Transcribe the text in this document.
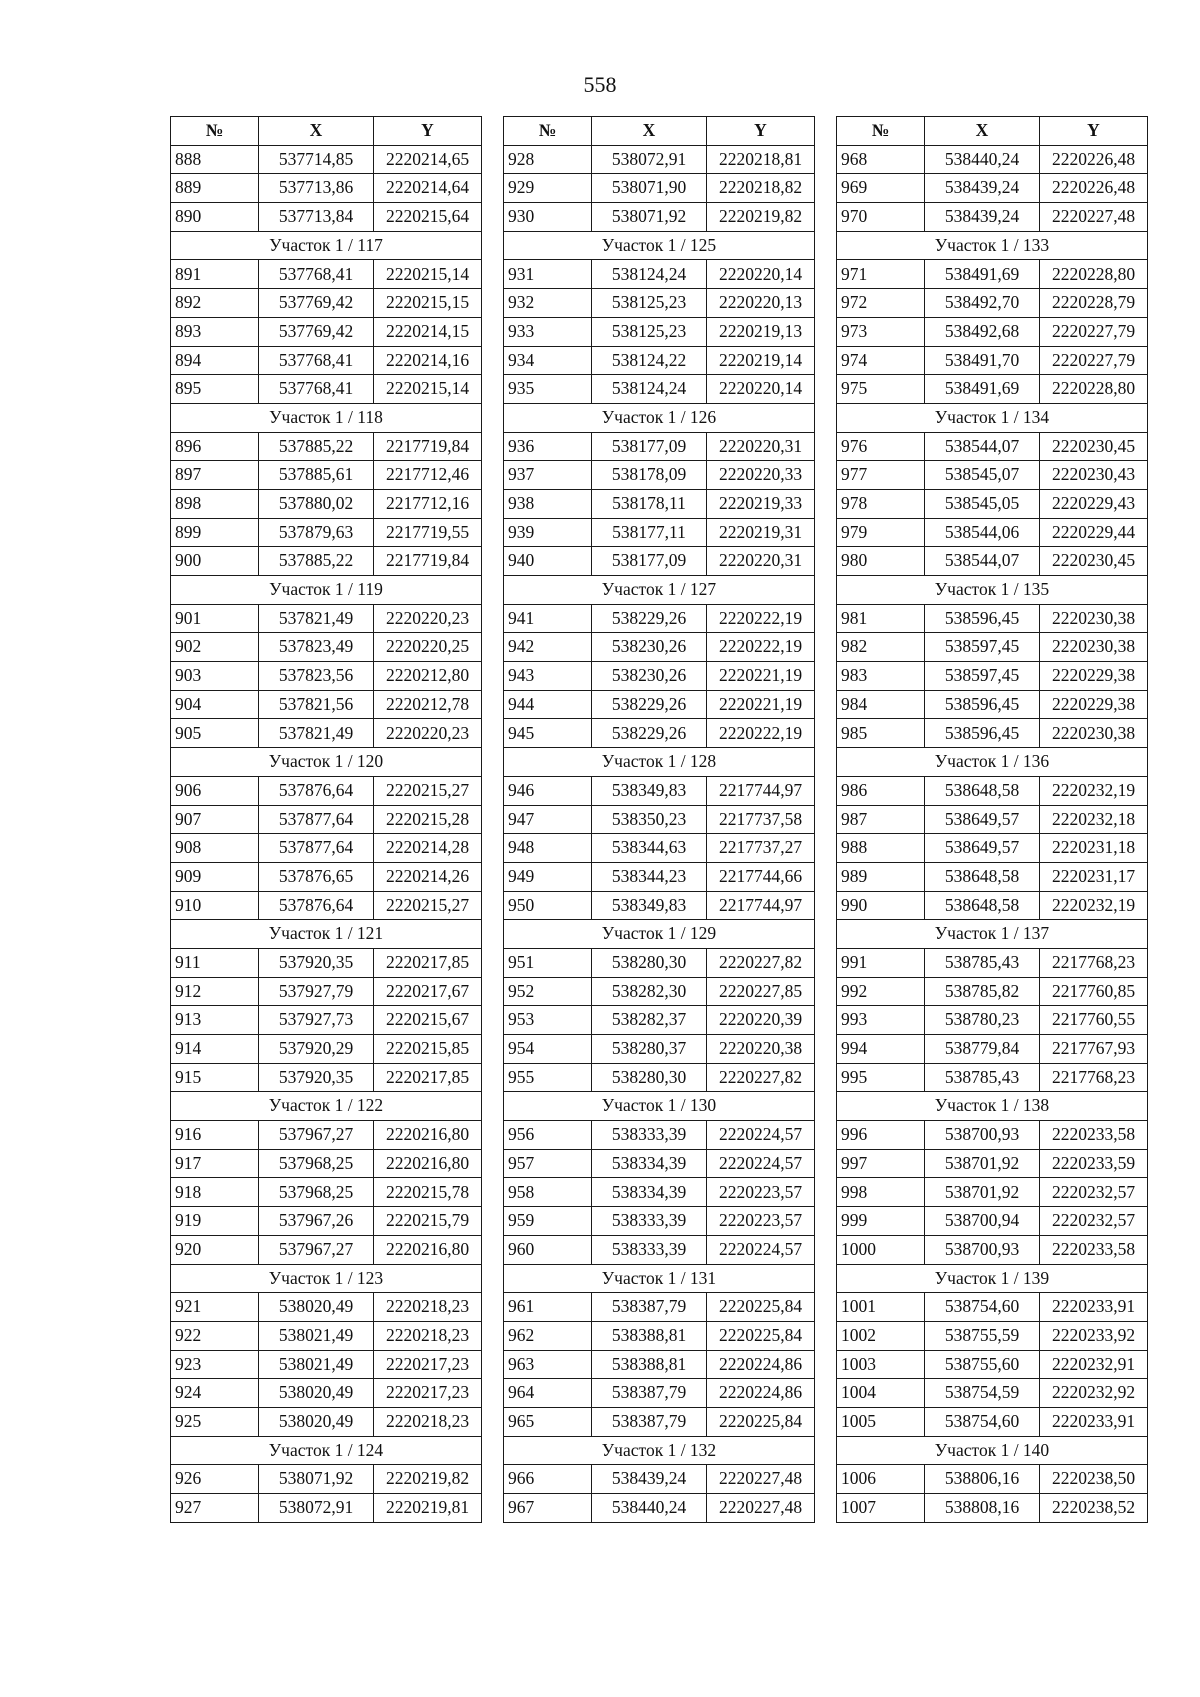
558
№	X	Y
888	537714,85	2220214,65
889	537713,86	2220214,64
890	537713,84	2220215,64
Участок 1 / 117		
891	537768,41	2220215,14
892	537769,42	2220215,15
893	537769,42	2220214,15
894	537768,41	2220214,16
895	537768,41	2220215,14
Участок 1 / 118		
896	537885,22	2217719,84
897	537885,61	2217712,46
898	537880,02	2217712,16
899	537879,63	2217719,55
900	537885,22	2217719,84
Участок 1 / 119		
901	537821,49	2220220,23
902	537823,49	2220220,25
903	537823,56	2220212,80
904	537821,56	2220212,78
905	537821,49	2220220,23
Участок 1 / 120		
906	537876,64	2220215,27
907	537877,64	2220215,28
908	537877,64	2220214,28
909	537876,65	2220214,26
910	537876,64	2220215,27
Участок 1 / 121		
911	537920,35	2220217,85
912	537927,79	2220217,67
913	537927,73	2220215,67
914	537920,29	2220215,85
915	537920,35	2220217,85
Участок 1 / 122		
916	537967,27	2220216,80
917	537968,25	2220216,80
918	537968,25	2220215,78
919	537967,26	2220215,79
920	537967,27	2220216,80
Участок 1 / 123		
921	538020,49	2220218,23
922	538021,49	2220218,23
923	538021,49	2220217,23
924	538020,49	2220217,23
925	538020,49	2220218,23
Участок 1 / 124		
926	538071,92	2220219,82
927	538072,91	2220219,81
№	X	Y
928	538072,91	2220218,81
929	538071,90	2220218,82
930	538071,92	2220219,82
Участок 1 / 125		
931	538124,24	2220220,14
932	538125,23	2220220,13
933	538125,23	2220219,13
934	538124,22	2220219,14
935	538124,24	2220220,14
Участок 1 / 126		
936	538177,09	2220220,31
937	538178,09	2220220,33
938	538178,11	2220219,33
939	538177,11	2220219,31
940	538177,09	2220220,31
Участок 1 / 127		
941	538229,26	2220222,19
942	538230,26	2220222,19
943	538230,26	2220221,19
944	538229,26	2220221,19
945	538229,26	2220222,19
Участок 1 / 128		
946	538349,83	2217744,97
947	538350,23	2217737,58
948	538344,63	2217737,27
949	538344,23	2217744,66
950	538349,83	2217744,97
Участок 1 / 129		
951	538280,30	2220227,82
952	538282,30	2220227,85
953	538282,37	2220220,39
954	538280,37	2220220,38
955	538280,30	2220227,82
Участок 1 / 130		
956	538333,39	2220224,57
957	538334,39	2220224,57
958	538334,39	2220223,57
959	538333,39	2220223,57
960	538333,39	2220224,57
Участок 1 / 131		
961	538387,79	2220225,84
962	538388,81	2220225,84
963	538388,81	2220224,86
964	538387,79	2220224,86
965	538387,79	2220225,84
Участок 1 / 132		
966	538439,24	2220227,48
967	538440,24	2220227,48
№	X	Y
968	538440,24	2220226,48
969	538439,24	2220226,48
970	538439,24	2220227,48
Участок 1 / 133		
971	538491,69	2220228,80
972	538492,70	2220228,79
973	538492,68	2220227,79
974	538491,70	2220227,79
975	538491,69	2220228,80
Участок 1 / 134		
976	538544,07	2220230,45
977	538545,07	2220230,43
978	538545,05	2220229,43
979	538544,06	2220229,44
980	538544,07	2220230,45
Участок 1 / 135		
981	538596,45	2220230,38
982	538597,45	2220230,38
983	538597,45	2220229,38
984	538596,45	2220229,38
985	538596,45	2220230,38
Участок 1 / 136		
986	538648,58	2220232,19
987	538649,57	2220232,18
988	538649,57	2220231,18
989	538648,58	2220231,17
990	538648,58	2220232,19
Участок 1 / 137		
991	538785,43	2217768,23
992	538785,82	2217760,85
993	538780,23	2217760,55
994	538779,84	2217767,93
995	538785,43	2217768,23
Участок 1 / 138		
996	538700,93	2220233,58
997	538701,92	2220233,59
998	538701,92	2220232,57
999	538700,94	2220232,57
1000	538700,93	2220233,58
Участок 1 / 139		
1001	538754,60	2220233,91
1002	538755,59	2220233,92
1003	538755,60	2220232,91
1004	538754,59	2220232,92
1005	538754,60	2220233,91
Участок 1 / 140		
1006	538806,16	2220238,50
1007	538808,16	2220238,52
